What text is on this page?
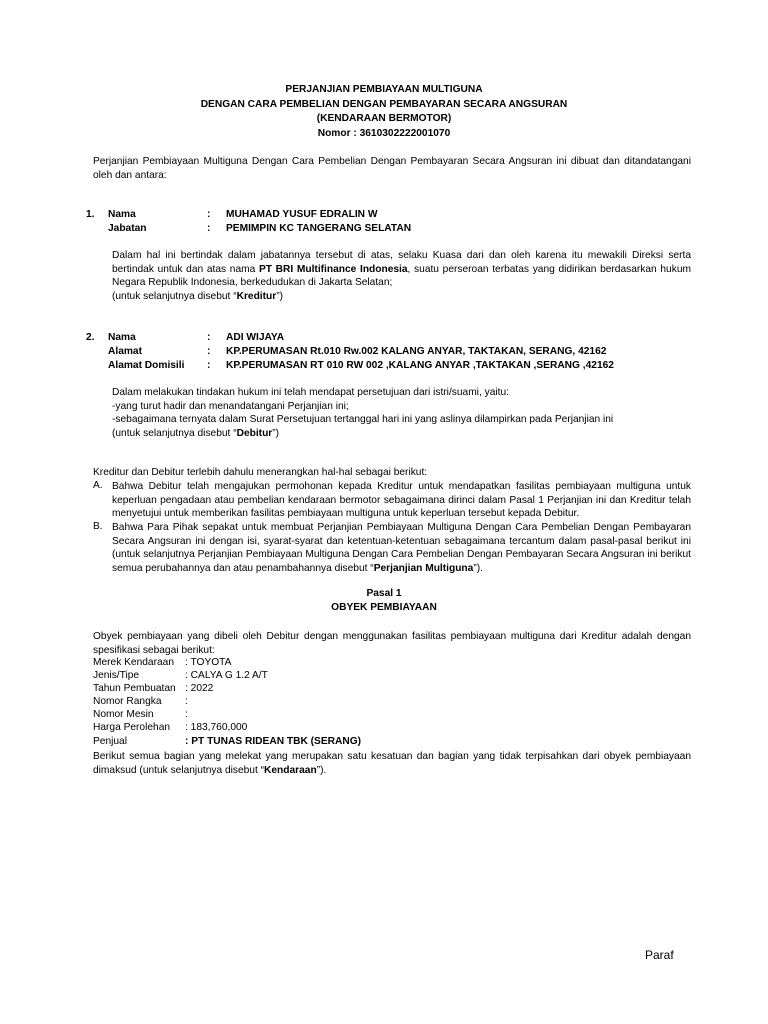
PERJANJIAN PEMBIAYAAN MULTIGUNA
DENGAN CARA PEMBELIAN DENGAN PEMBAYARAN SECARA ANGSURAN
(KENDARAAN BERMOTOR)
Nomor : 3610302222001070
Perjanjian Pembiayaan Multiguna Dengan Cara Pembelian Dengan Pembayaran Secara Angsuran ini dibuat dan ditandatangani oleh dan antara:
1. Nama	: MUHAMAD YUSUF EDRALIN W
Jabatan	: PEMIMPIN KC TANGERANG SELATAN
Dalam hal ini bertindak dalam jabatannya tersebut di atas, selaku Kuasa dari dan oleh karena itu mewakili Direksi serta bertindak untuk dan atas nama PT BRI Multifinance Indonesia, suatu perseroan terbatas yang didirikan berdasarkan hukum Negara Republik Indonesia, berkedudukan di Jakarta Selatan;
(untuk selanjutnya disebut “Kreditur”)
2. Nama	: ADI WIJAYA
Alamat	: KP.PERUMASAN Rt.010 Rw.002 KALANG ANYAR, TAKTAKAN, SERANG, 42162
Alamat Domisili : KP.PERUMASAN RT 010 RW 002 ,KALANG ANYAR ,TAKTAKAN ,SERANG ,42162
Dalam melakukan tindakan hukum ini telah mendapat persetujuan dari istri/suami, yaitu:
-yang turut hadir dan menandatangani Perjanjian ini;
-sebagaimana ternyata dalam Surat Persetujuan tertanggal hari ini yang aslinya dilampirkan pada Perjanjian ini
(untuk selanjutnya disebut “Debitur”)
Kreditur dan Debitur terlebih dahulu menerangkan hal-hal sebagai berikut:
A. Bahwa Debitur telah mengajukan permohonan kepada Kreditur untuk mendapatkan fasilitas pembiayaan multiguna untuk keperluan pengadaan atau pembelian kendaraan bermotor sebagaimana dirinci dalam Pasal 1 Perjanjian ini dan Kreditur telah menyetujui untuk memberikan fasilitas pembiayaan multiguna untuk keperluan tersebut kepada Debitur.
B. Bahwa Para Pihak sepakat untuk membuat Perjanjian Pembiayaan Multiguna Dengan Cara Pembelian Dengan Pembayaran Secara Angsuran ini dengan isi, syarat-syarat dan ketentuan-ketentuan sebagaimana tercantum dalam pasal-pasal berikut ini (untuk selanjutnya Perjanjian Pembiayaan Multiguna Dengan Cara Pembelian Dengan Pembayaran Secara Angsuran ini berikut semua perubahannya dan atau penambahannya disebut “Perjanjian Multiguna”).
Pasal 1
OBYEK PEMBIAYAAN
Obyek pembiayaan yang dibeli oleh Debitur dengan menggunakan fasilitas pembiayaan multiguna dari Kreditur adalah dengan spesifikasi sebagai berikut:
Merek Kendaraan : TOYOTA
Jenis/Tipe	: CALYA G 1.2 A/T
Tahun Pembuatan : 2022
Nomor Rangka :
Nomor Mesin	:
Harga Perolehan : 183,760,000
Penjual	: PT TUNAS RIDEAN TBK (SERANG)
Berikut semua bagian yang melekat yang merupakan satu kesatuan dan bagian yang tidak terpisahkan dari obyek pembiayaan dimaksud (untuk selanjutnya disebut “Kendaraan”).
Paraf
